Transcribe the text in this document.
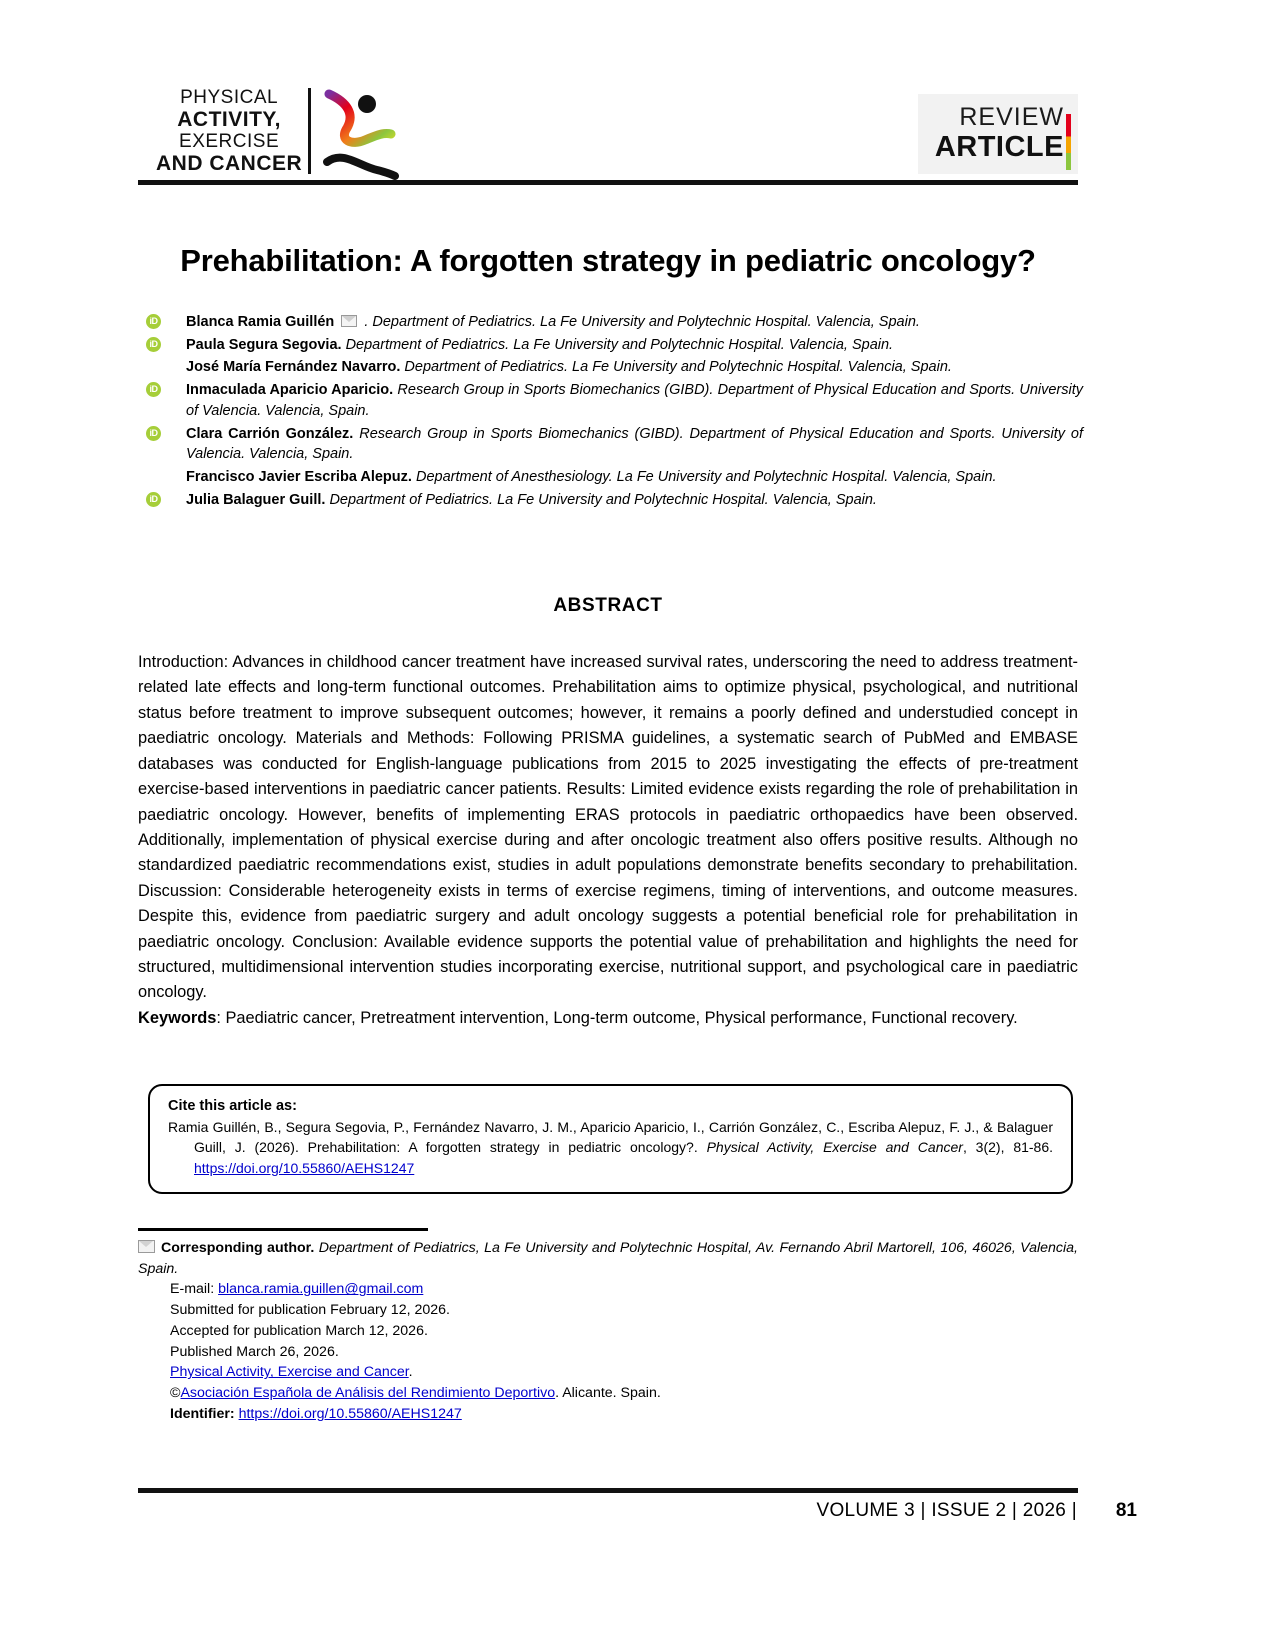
PHYSICAL
ACTIVITY,
EXERCISE
AND CANCER
REVIEW
ARTICLE
Prehabilitation: A forgotten strategy in pediatric oncology?
iD Blanca Ramia Guillén . Department of Pediatrics. La Fe University and Polytechnic Hospital. Valencia, Spain.
iD Paula Segura Segovia. Department of Pediatrics. La Fe University and Polytechnic Hospital. Valencia, Spain.
José María Fernández Navarro. Department of Pediatrics. La Fe University and Polytechnic Hospital. Valencia, Spain.
iD Inmaculada Aparicio Aparicio. Research Group in Sports Biomechanics (GIBD). Department of Physical Education and Sports. University of Valencia. Valencia, Spain.
iD Clara Carrión González. Research Group in Sports Biomechanics (GIBD). Department of Physical Education and Sports. University of Valencia. Valencia, Spain.
Francisco Javier Escriba Alepuz. Department of Anesthesiology. La Fe University and Polytechnic Hospital. Valencia, Spain.
iD Julia Balaguer Guill. Department of Pediatrics. La Fe University and Polytechnic Hospital. Valencia, Spain.
ABSTRACT
Introduction: Advances in childhood cancer treatment have increased survival rates, underscoring the need to address treatment-related late effects and long-term functional outcomes. Prehabilitation aims to optimize physical, psychological, and nutritional status before treatment to improve subsequent outcomes; however, it remains a poorly defined and understudied concept in paediatric oncology. Materials and Methods: Following PRISMA guidelines, a systematic search of PubMed and EMBASE databases was conducted for English-language publications from 2015 to 2025 investigating the effects of pre-treatment exercise-based interventions in paediatric cancer patients. Results: Limited evidence exists regarding the role of prehabilitation in paediatric oncology. However, benefits of implementing ERAS protocols in paediatric orthopaedics have been observed. Additionally, implementation of physical exercise during and after oncologic treatment also offers positive results. Although no standardized paediatric recommendations exist, studies in adult populations demonstrate benefits secondary to prehabilitation. Discussion: Considerable heterogeneity exists in terms of exercise regimens, timing of interventions, and outcome measures. Despite this, evidence from paediatric surgery and adult oncology suggests a potential beneficial role for prehabilitation in paediatric oncology. Conclusion: Available evidence supports the potential value of prehabilitation and highlights the need for structured, multidimensional intervention studies incorporating exercise, nutritional support, and psychological care in paediatric oncology.
Keywords: Paediatric cancer, Pretreatment intervention, Long-term outcome, Physical performance, Functional recovery.
Cite this article as:
Ramia Guillén, B., Segura Segovia, P., Fernández Navarro, J. M., Aparicio Aparicio, I., Carrión González, C., Escriba Alepuz, F. J., & Balaguer Guill, J. (2026). Prehabilitation: A forgotten strategy in pediatric oncology?. Physical Activity, Exercise and Cancer, 3(2), 81-86. https://doi.org/10.55860/AEHS1247
Corresponding author. Department of Pediatrics, La Fe University and Polytechnic Hospital, Av. Fernando Abril Martorell, 106, 46026, Valencia, Spain.
E-mail: blanca.ramia.guillen@gmail.com
Submitted for publication February 12, 2026.
Accepted for publication March 12, 2026.
Published March 26, 2026.
Physical Activity, Exercise and Cancer.
©Asociación Española de Análisis del Rendimiento Deportivo. Alicante. Spain.
Identifier: https://doi.org/10.55860/AEHS1247
VOLUME 3 | ISSUE 2 | 2026 | 81
